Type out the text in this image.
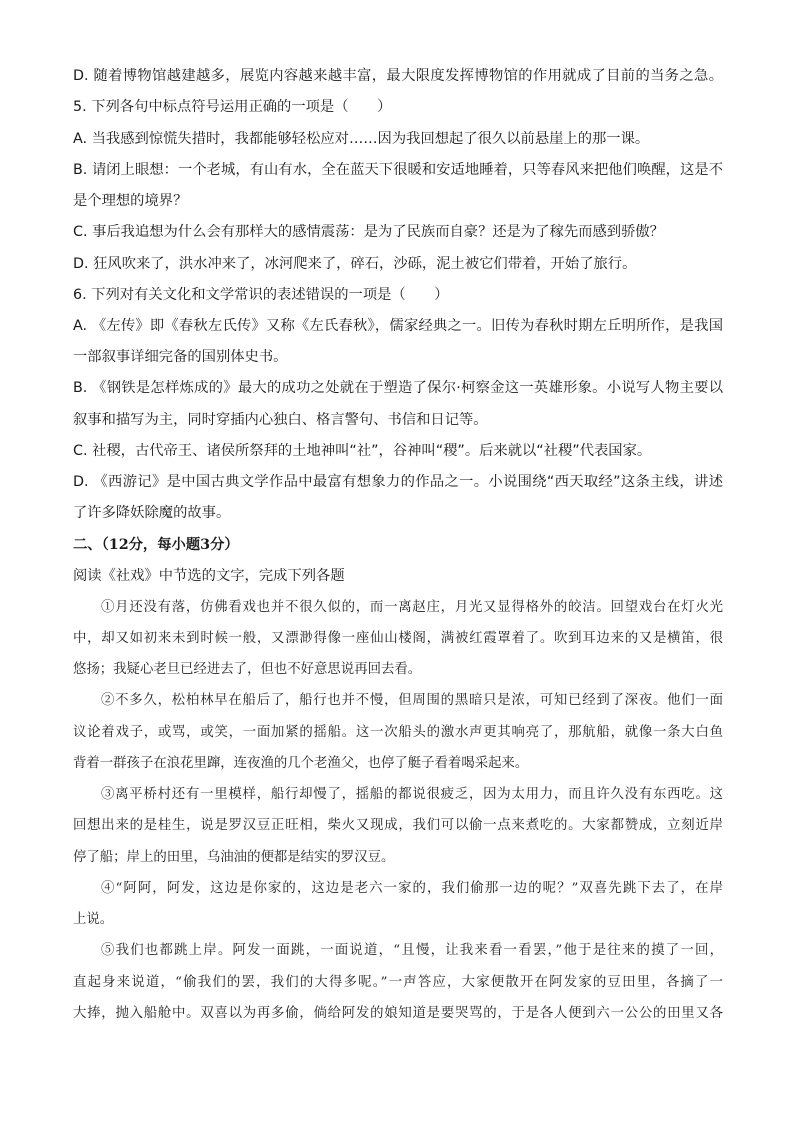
D. 随着博物馆越建越多，展览内容越来越丰富，最大限度发挥博物馆的作用就成了目前的当务之急。
5. 下列各句中标点符号运用正确的一项是（　　）
A. 当我感到惊慌失措时，我都能够轻松应对……因为我回想起了很久以前悬崖上的那一课。
B. 请闭上眼想：一个老城，有山有水，全在蓝天下很暖和安适地睡着，只等春风来把他们唤醒，这是不
是个理想的境界？
C. 事后我追想为什么会有那样大的感情震荡：是为了民族而自豪？还是为了稼先而感到骄傲？
D. 狂风吹来了，洪水冲来了，冰河爬来了，碎石，沙砾，泥土被它们带着，开始了旅行。
6. 下列对有关文化和文学常识的表述错误的一项是（　　）
A. 《左传》即《春秋左氏传》又称《左氏春秋》，儒家经典之一。旧传为春秋时期左丘明所作，是我国
一部叙事详细完备的国别体史书。
B. 《钢铁是怎样炼成的》最大的成功之处就在于塑造了保尔·柯察金这一英雄形象。小说写人物主要以
叙事和描写为主，同时穿插内心独白、格言警句、书信和日记等。
C. 社稷，古代帝王、诸侯所祭拜的土地神叫“社”，谷神叫“稷”。后来就以“社稷”代表国家。
D. 《西游记》是中国古典文学作品中最富有想象力的作品之一。小说围绕“西天取经”这条主线，讲述
了许多降妖除魔的故事。
二、（12分，每小题3分）
阅读《社戏》中节选的文字，完成下列各题
①月还没有落，仿佛看戏也并不很久似的，而一离赵庄，月光又显得格外的皎洁。回望戏台在灯火光
中，却又如初来未到时候一般，又漂渺得像一座仙山楼阁，满被红霞罩着了。吹到耳边来的又是横笛，很
悠扬；我疑心老旦已经进去了，但也不好意思说再回去看。
②不多久，松柏林早在船后了，船行也并不慢，但周围的黑暗只是浓，可知已经到了深夜。他们一面
议论着戏子，或骂，或笑，一面加紧的摇船。这一次船头的激水声更其响亮了，那航船，就像一条大白鱼
背着一群孩子在浪花里蹿，连夜渔的几个老渔父，也停了艇子看着喝采起来。
③离平桥村还有一里模样，船行却慢了，摇船的都说很疲乏，因为太用力，而且许久没有东西吃。这
回想出来的是桂生，说是罗汉豆正旺相，柴火又现成，我们可以偷一点来煮吃的。大家都赞成，立刻近岸
停了船；岸上的田里，乌油油的便都是结实的罗汉豆。
④“阿阿，阿发，这边是你家的，这边是老六一家的，我们偷那一边的呢？”双喜先跳下去了，在岸
上说。
⑤我们也都跳上岸。阿发一面跳，一面说道，“且慢，让我来看一看罢，”他于是往来的摸了一回，
直起身来说道，“偷我们的罢，我们的大得多呢。”一声答应，大家便散开在阿发家的豆田里，各摘了一
大捧，抛入船舱中。双喜以为再多偷，倘给阿发的娘知道是要哭骂的，于是各人便到六一公公的田里又各
